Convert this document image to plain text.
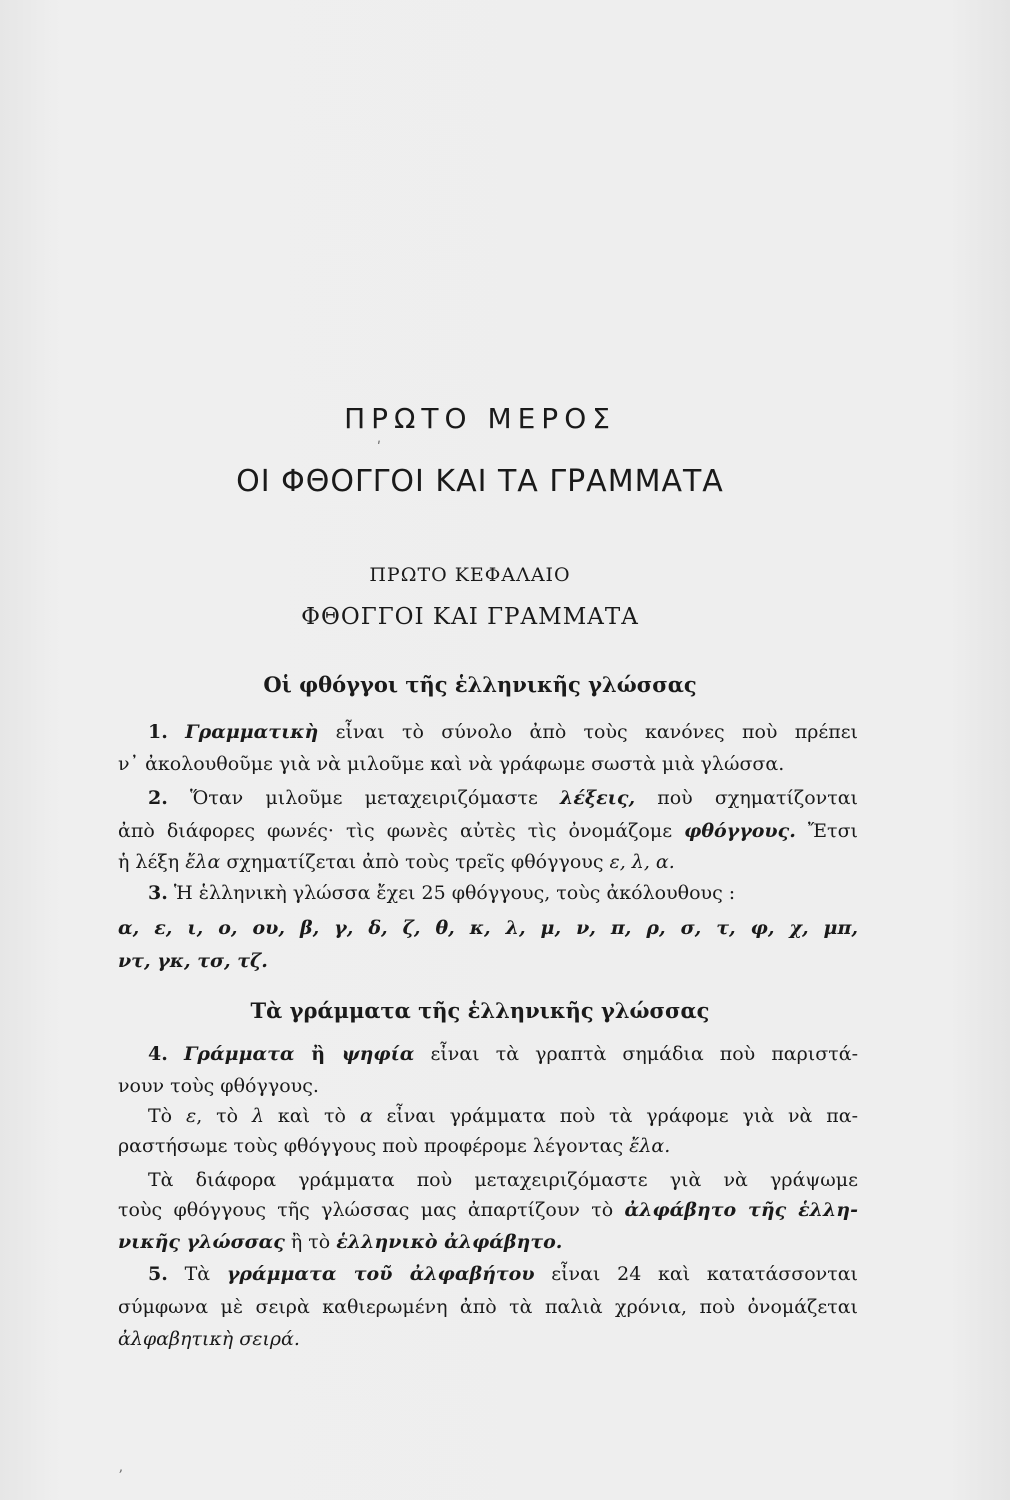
ΠΡΩΤΟ ΜΕΡΟΣ
ΟΙ ΦΘΟΓΓΟΙ ΚΑΙ ΤΑ ΓΡΑΜΜΑΤΑ
ΠΡΩΤΟ ΚΕΦΑΛΑΙΟ
ΦΘΟΓΓΟΙ ΚΑΙ ΓΡΑΜΜΑΤΑ
Οἱ φθόγγοι τῆς ἑλληνικῆς γλώσσας
1. Γραμματικὴ εἶναι τὸ σύνολο ἀπὸ τοὺς κανόνες ποὺ πρέπει
ν᾽ ἀκολουθοῦμε γιὰ νὰ μιλοῦμε καὶ νὰ γράφωμε σωστὰ μιὰ γλώσσα.
2. Ὅταν μιλοῦμε μεταχειριζόμαστε λέξεις, ποὺ σχηματίζονται
ἀπὸ διάφορες φωνές· τὶς φωνὲς αὐτὲς τὶς ὀνομάζομε φθόγγους. Ἔτσι
ἡ λέξη ἔλα σχηματίζεται ἀπὸ τοὺς τρεῖς φθόγγους ε, λ, α.
3. Ἡ ἑλληνικὴ γλώσσα ἔχει 25 φθόγγους, τοὺς ἀκόλουθους :
α, ε, ι, ο, ου, β, γ, δ, ζ, θ, κ, λ, μ, ν, π, ρ, σ, τ, φ, χ, μπ,
ντ, γκ, τσ, τζ.
Τὰ γράμματα τῆς ἑλληνικῆς γλώσσας
4. Γράμματα ἢ ψηφία εἶναι τὰ γραπτὰ σημάδια ποὺ παριστά-
νουν τοὺς φθόγγους.
Τὸ ε, τὸ λ καὶ τὸ α εἶναι γράμματα ποὺ τὰ γράφομε γιὰ νὰ πα-
ραστήσωμε τοὺς φθόγγους ποὺ προφέρομε λέγοντας ἔλα.
Τὰ διάφορα γράμματα ποὺ μεταχειριζόμαστε γιὰ νὰ γράψωμε
τοὺς φθόγγους τῆς γλώσσας μας ἀπαρτίζουν τὸ ἀλφάβητο τῆς ἑλλη-
νικῆς γλώσσας ἢ τὸ ἑλληνικὸ ἀλφάβητο.
5. Τὰ γράμματα τοῦ ἀλφαβήτου εἶναι 24 καὶ κατατάσσονται
σύμφωνα μὲ σειρὰ καθιερωμένη ἀπὸ τὰ παλιὰ χρόνια, ποὺ ὀνομάζεται
ἀλφαβητικὴ σειρά.
ʹ
ʼ
